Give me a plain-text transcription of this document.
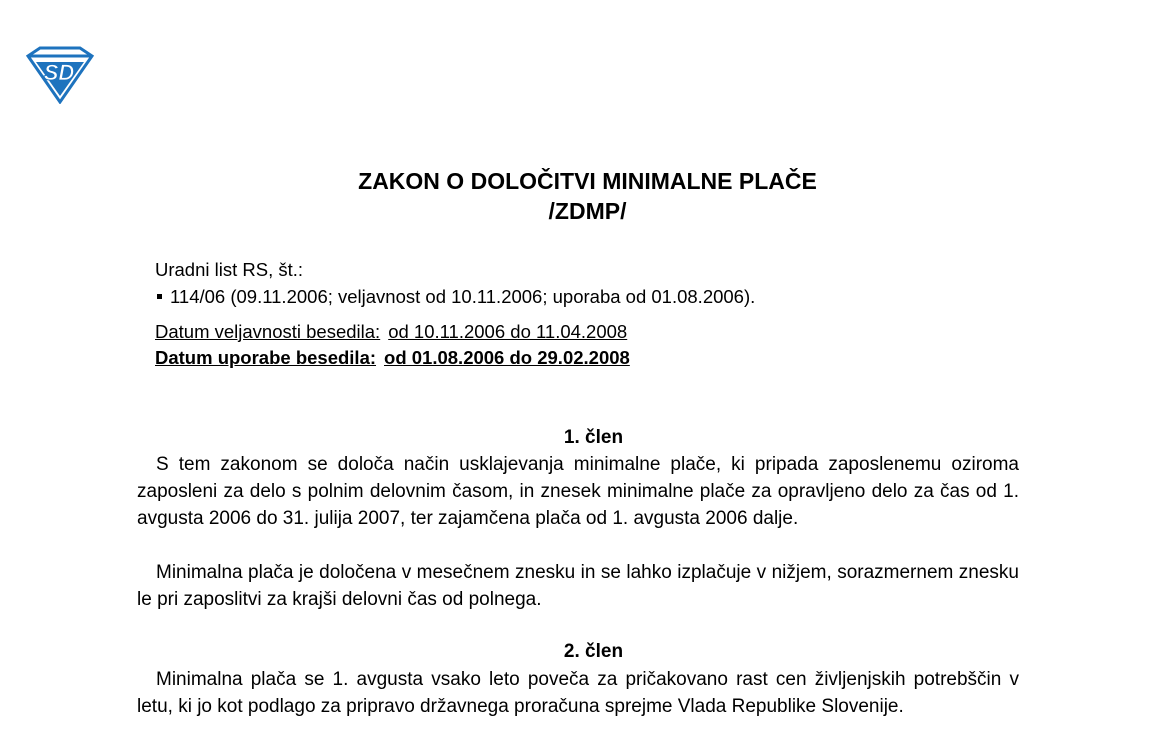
SD
ZAKON O DOLOČITVI MINIMALNE PLAČE
/ZDMP/
Uradni list RS, št.:
114/06 (09.11.2006; veljavnost od 10.11.2006; uporaba od 01.08.2006).
Datum veljavnosti besedila: od 10.11.2006 do 11.04.2008
Datum uporabe besedila: od 01.08.2006 do 29.02.2008
1. člen
S tem zakonom se določa način usklajevanja minimalne plače, ki pripada zaposlenemu oziroma zaposleni za delo s polnim delovnim časom, in znesek minimalne plače za opravljeno delo za čas od 1. avgusta 2006 do 31. julija 2007, ter zajamčena plača od 1. avgusta 2006 dalje.
Minimalna plača je določena v mesečnem znesku in se lahko izplačuje v nižjem, sorazmernem znesku le pri zaposlitvi za krajši delovni čas od polnega.
2. člen
Minimalna plača se 1. avgusta vsako leto poveča za pričakovano rast cen življenjskih potrebščin v letu, ki jo kot podlago za pripravo državnega proračuna sprejme Vlada Republike Slovenije.
